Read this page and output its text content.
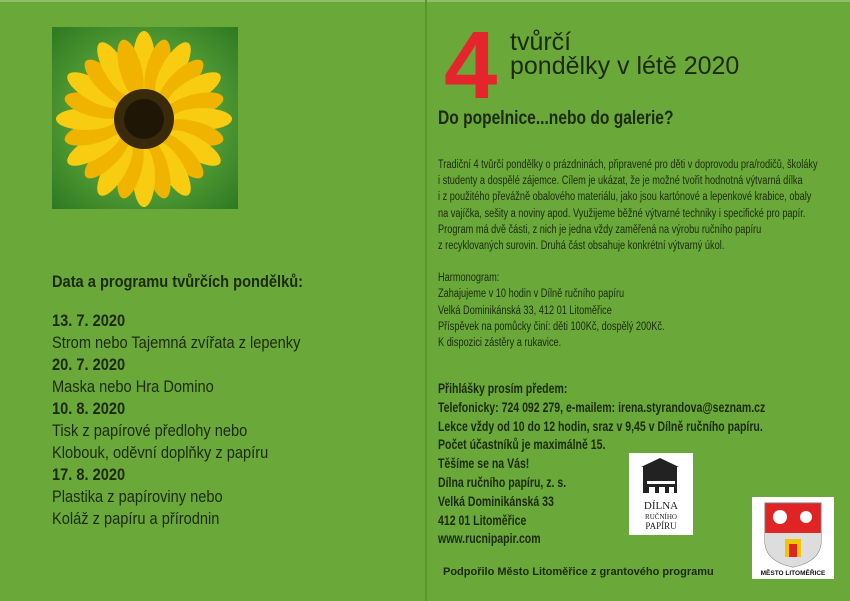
Data a programu tvůrčích pondělků:
13. 7. 2020
Strom nebo Tajemná zvířata z lepenky
20. 7. 2020
Maska nebo Hra Domino
10. 8. 2020
Tisk z papírové předlohy nebo
Klobouk, oděvní doplňky z papíru
17. 8. 2020
Plastika z papíroviny nebo
Koláž z papíru a přírodnin
4 tvůrčí
pondělky v létě 2020
Do popelnice...nebo do galerie?
Tradiční 4 tvůrčí pondělky o prázdninách, připravené pro děti v doprovodu pra/rodičů, školáky
i studenty a dospělé zájemce. Cílem je ukázat, že je možné tvořit hodnotná výtvarná dílka
i z použitého převážně obalového materiálu, jako jsou kartónové a lepenkové krabice, obaly
na vajíčka, sešity a noviny apod. Využijeme běžné výtvarné techniky i specifické pro papír.
Program má dvě části, z nich je jedna vždy zaměřená na výrobu ručního papíru
z recyklovaných surovin. Druhá část obsahuje konkrétní výtvarný úkol.
Harmonogram:
Zahajujeme v 10 hodin v Dílně ručního papíru
Velká Dominikánská 33, 412 01 Litoměřice
Příspěvek na pomůcky činí: děti 100Kč, dospělý 200Kč.
K dispozici zástěry a rukavice.
Přihlášky prosím předem:
Telefonicky: 724 092 279, e-mailem: irena.styrandova@seznam.cz
Lekce vždy od 10 do 12 hodin, sraz v 9,45 v Dílně ručního papíru.
Počet účastníků je maximálně 15.
Těšíme se na Vás!
Dílna ručního papíru, z. s.
Velká Dominikánská 33
412 01 Litoměřice
www.rucnipapir.com
DÍLNA
RUČNÍHO
PAPÍRU
MĚSTO LITOMĚŘICE
Podpořilo Město Litoměřice z grantového programu
